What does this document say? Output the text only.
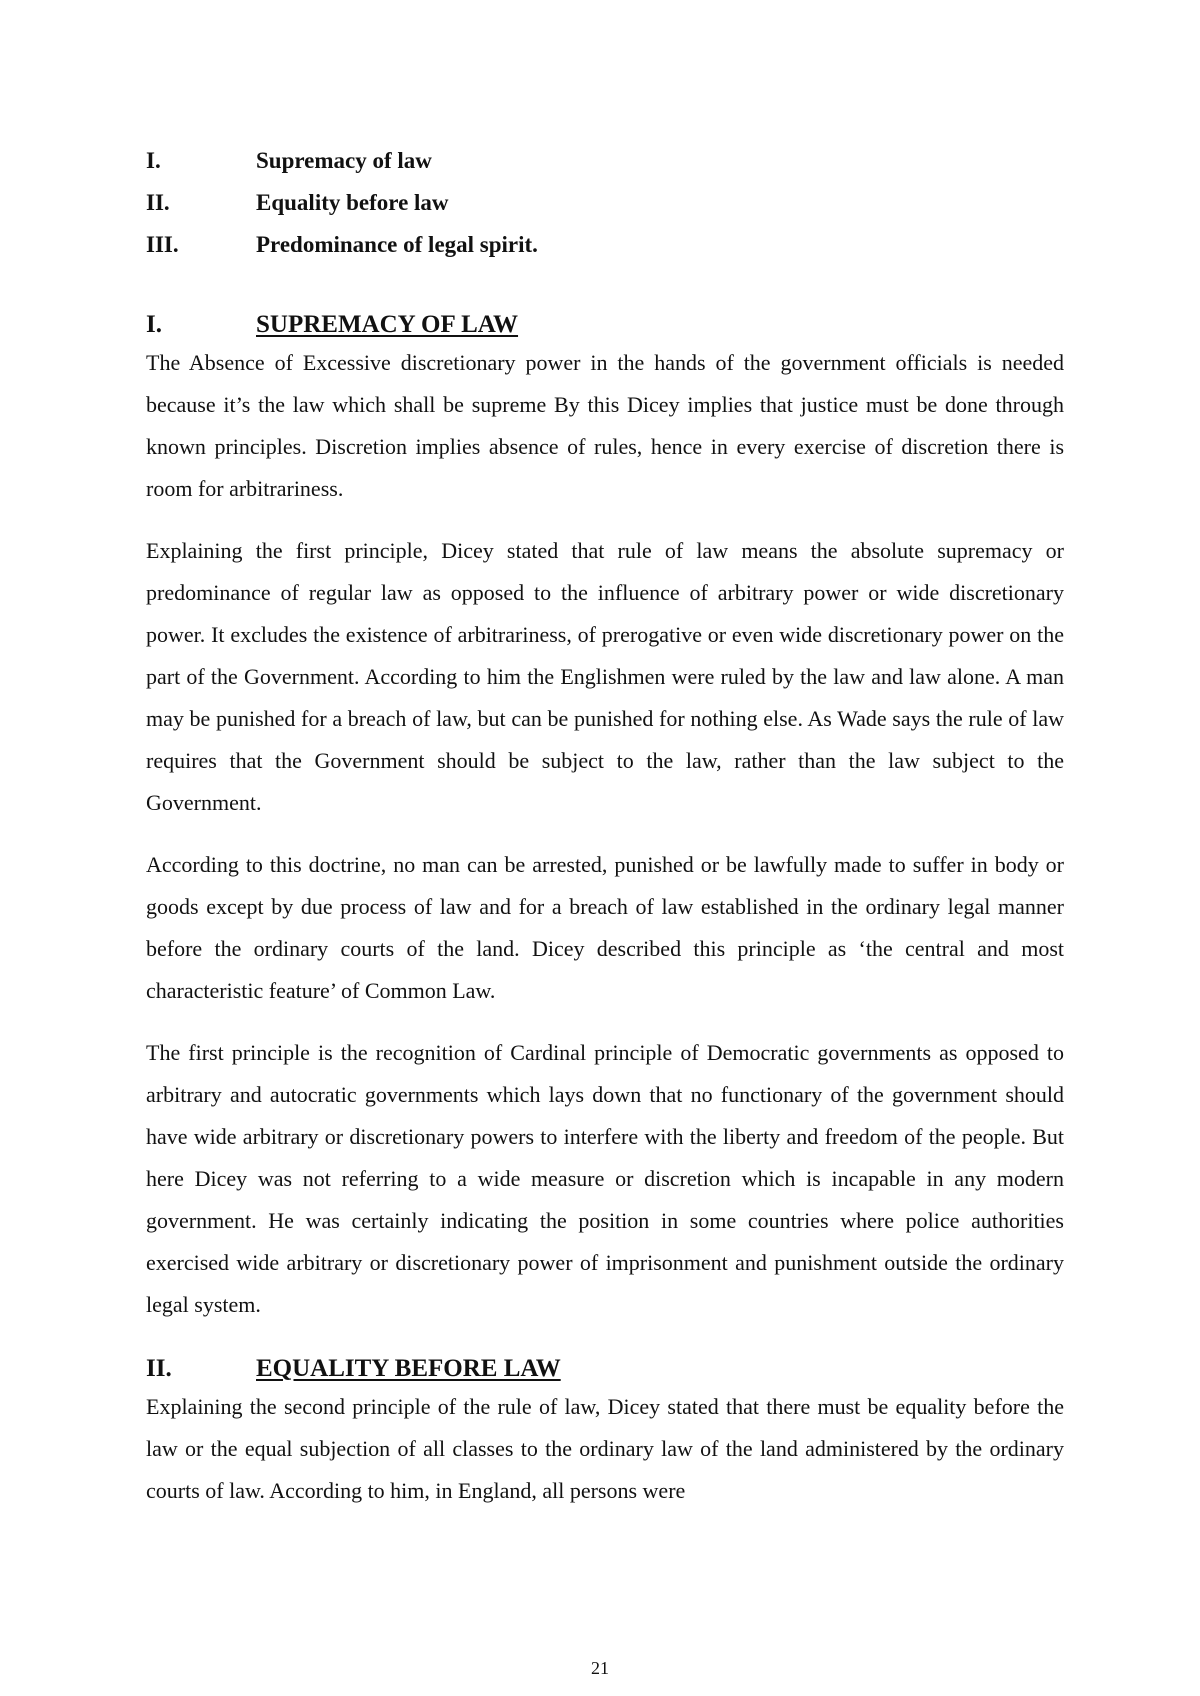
I.	Supremacy of law
II.	Equality before law
III.	Predominance of legal spirit.
I.	SUPREMACY OF LAW

The Absence of Excessive discretionary power in the hands of the government officials is needed because it’s the law which shall be supreme By this Dicey implies that justice must be done through known principles. Discretion implies absence of rules, hence in every exercise of discretion there is room for arbitrariness.

Explaining the first principle, Dicey stated that rule of law means the absolute supremacy or predominance of regular law as opposed to the influence of arbitrary power or wide discretionary power. It excludes the existence of arbitrariness, of prerogative or even wide discretionary power on the part of the Government. According to him the Englishmen were ruled by the law and law alone. A man may be punished for a breach of law, but can be punished for nothing else. As Wade says the rule of law requires that the Government should be subject to the law, rather than the law subject to the Government.

According to this doctrine, no man can be arrested, punished or be lawfully made to suffer in body or goods except by due process of law and for a breach of law established in the ordinary legal manner before the ordinary courts of the land. Dicey described this principle as ‘the central and most characteristic feature’ of Common Law.

The first principle is the recognition of Cardinal principle of Democratic governments as opposed to arbitrary and autocratic governments which lays down that no functionary of the government should have wide arbitrary or discretionary powers to interfere with the liberty and freedom of the people. But here Dicey was not referring to a wide measure or discretion which is incapable in any modern government. He was certainly indicating the position in some countries where police authorities exercised wide arbitrary or discretionary power of imprisonment and punishment outside the ordinary legal system.

II.	EQUALITY BEFORE LAW

Explaining the second principle of the rule of law, Dicey stated that there must be equality before the law or the equal subjection of all classes to the ordinary law of the land administered by the ordinary courts of law. According to him, in England, all persons were

21
